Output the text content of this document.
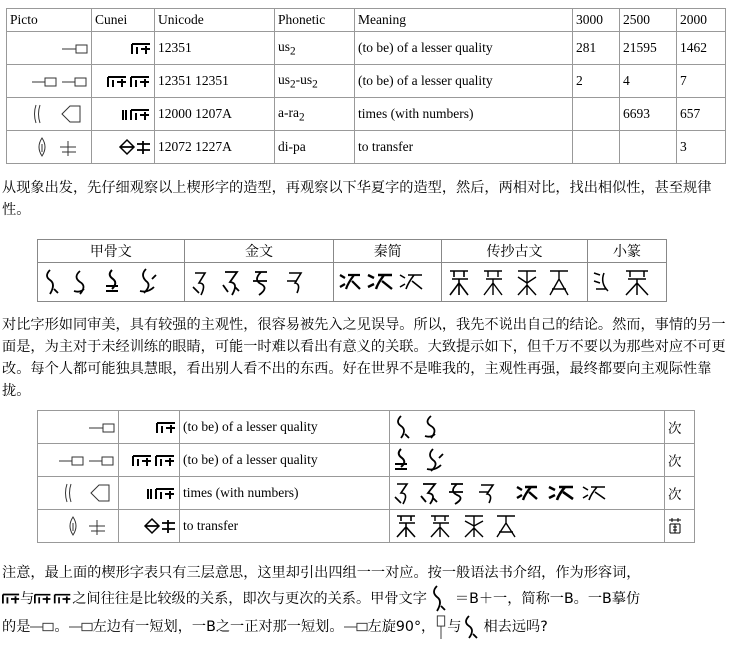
Picto	Cunei	Unicode	Phonetic	Meaning	3000	2500	2000
		12351	$us_2$	(to be) of a lesser quality	281	21595	1462
		12351 12351	$us_2-us_2$	(to be) of a lesser quality	2	4	7
		12000 1207A	$a-ra_2$	times (with numbers)		6693	657
		12072 1227A	di-pa	to transfer			3
从现象出发，先仔细观察以上楔形字的造型，再观察以下华夏字的造型，然后，两相对比，找出相似性，甚至规律性。
甲骨文	金文	秦简	传抄古文	小篆

对比字形如同审美，具有较强的主观性，很容易被先入之见误导。所以，我先不说出自己的结论。然而，事情的另一面是，为主对于未经训练的眼睛，可能一时难以看出有意义的关联。大致提示如下，但千万不要以为那些对应不可更改。每个人都可能独具慧眼，看出别人看不出的东西。好在世界不是唯我的，主观性再强，最终都要向主观际性靠拢。
		(to be) of a lesser quality		次
		(to be) of a lesser quality		次
		times (with numbers)		次
		to transfer		
注意，最上面的楔形字表只有三层意思，这里却引出四组一一对应。按一般语法书介绍，作为形容词，
与	之间往往是比较级的关系，即次与更次的关系。甲骨文字 ＝B＋一，简称一B。一B摹仿
的是 。 左边有一短划，一B之一正对那一短划。 左旋90°， 与 相去远吗?
